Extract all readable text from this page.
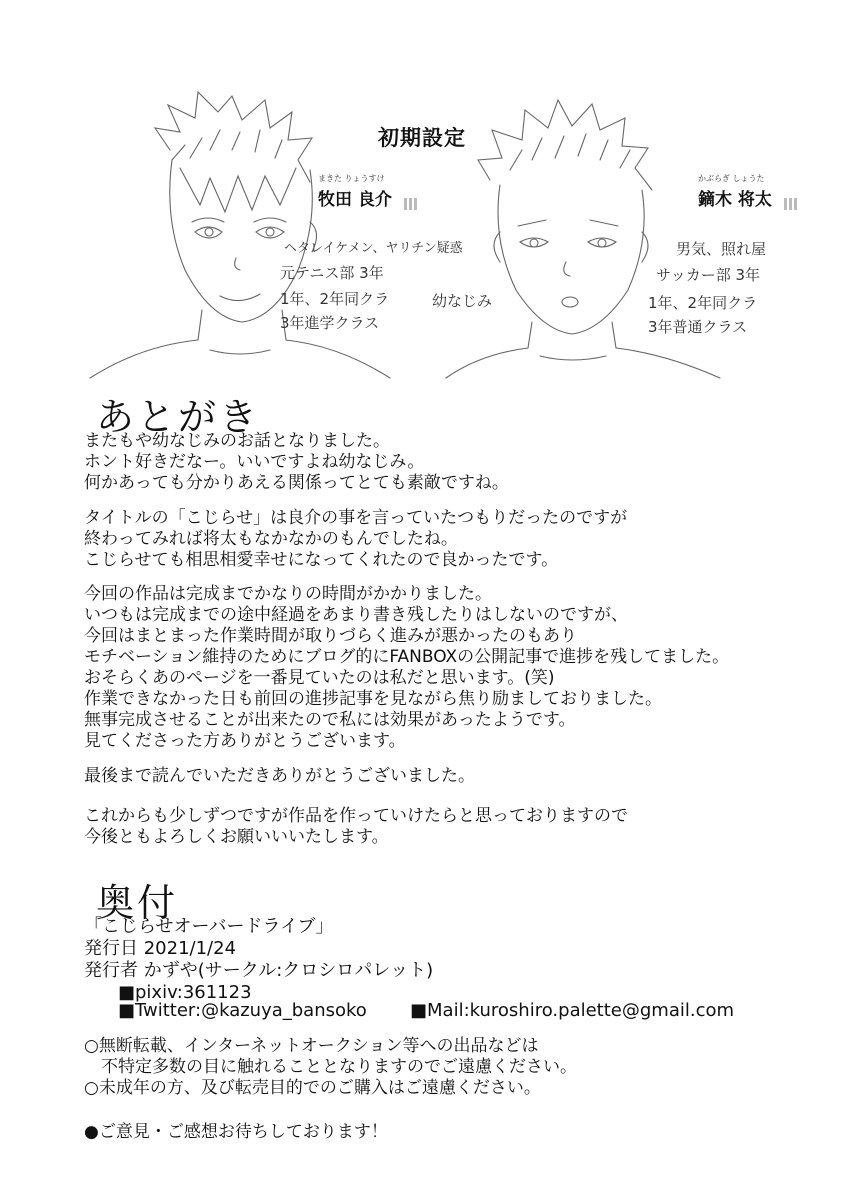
初期設定
まきた りょうすけ
牧田 良介
かぶらぎ しょうた
鏑木 将太
ヘタレイケメン、ヤリチン疑惑
元テニス部 3年
1年、2年同クラ
3年進学クラス
幼なじみ
男気、照れ屋
サッカー部 3年
1年、2年同クラ
3年普通クラス
あとがき
またもや幼なじみのお話となりました。
ホント好きだなー。いいですよね幼なじみ。
何かあっても分かりあえる関係ってとても素敵ですね。
タイトルの「こじらせ」は良介の事を言っていたつもりだったのですが
終わってみれば将太もなかなかのもんでしたね。
こじらせても相思相愛幸せになってくれたので良かったです。
今回の作品は完成までかなりの時間がかかりました。
いつもは完成までの途中経過をあまり書き残したりはしないのですが、
今回はまとまった作業時間が取りづらく進みが悪かったのもあり
モチベーション維持のためにブログ的にFANBOXの公開記事で進捗を残してました。
おそらくあのページを一番見ていたのは私だと思います。(笑)
作業できなかった日も前回の進捗記事を見ながら焦り励ましておりました。
無事完成させることが出来たので私には効果があったようです。
見てくださった方ありがとうございます。
最後まで読んでいただきありがとうございました。
これからも少しずつですが作品を作っていけたらと思っておりますので
今後ともよろしくお願いいいたします。
奥付
「こじらせオーバードライブ」
発行日 2021/1/24
発行者 かずや(サークル:クロシロパレット)
■pixiv:361123
■Twitter:@kazuya_bansoko ■Mail:kuroshiro.palette@gmail.com
○無断転載、インターネットオークション等への出品などは
　不特定多数の目に触れることとなりますのでご遠慮ください。
○未成年の方、及び転売目的でのご購入はご遠慮ください。
●ご意見・ご感想お待ちしております！
